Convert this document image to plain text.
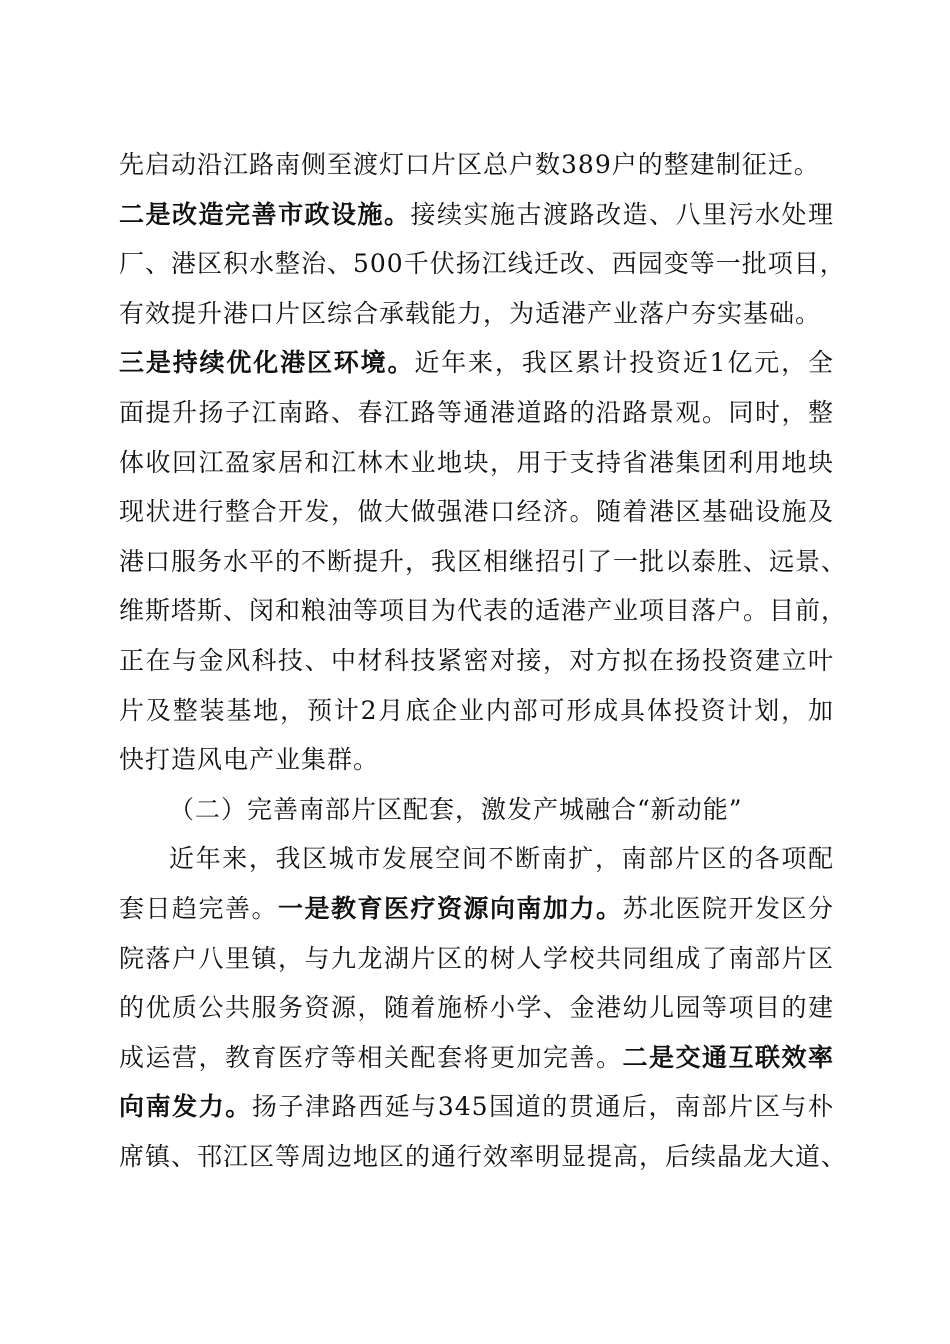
先启动沿江路南侧至渡灯口片区总户数389户的整建制征迁。
二是改造完善市政设施。接续实施古渡路改造、八里污水处理
厂、港区积水整治、500千伏扬江线迁改、西园变等一批项目，
有效提升港口片区综合承载能力，为适港产业落户夯实基础。
三是持续优化港区环境。近年来，我区累计投资近1亿元，全
面提升扬子江南路、春江路等通港道路的沿路景观。同时，整
体收回江盈家居和江林木业地块，用于支持省港集团利用地块
现状进行整合开发，做大做强港口经济。随着港区基础设施及
港口服务水平的不断提升，我区相继招引了一批以泰胜、远景、
维斯塔斯、闵和粮油等项目为代表的适港产业项目落户。目前，
正在与金风科技、中材科技紧密对接，对方拟在扬投资建立叶
片及整装基地，预计2月底企业内部可形成具体投资计划，加
快打造风电产业集群。
（二）完善南部片区配套，激发产城融合“新动能”
近年来，我区城市发展空间不断南扩，南部片区的各项配
套日趋完善。一是教育医疗资源向南加力。苏北医院开发区分
院落户八里镇，与九龙湖片区的树人学校共同组成了南部片区
的优质公共服务资源，随着施桥小学、金港幼儿园等项目的建
成运营，教育医疗等相关配套将更加完善。二是交通互联效率
向南发力。扬子津路西延与345国道的贯通后，南部片区与朴
席镇、邗江区等周边地区的通行效率明显提高，后续晶龙大道、
